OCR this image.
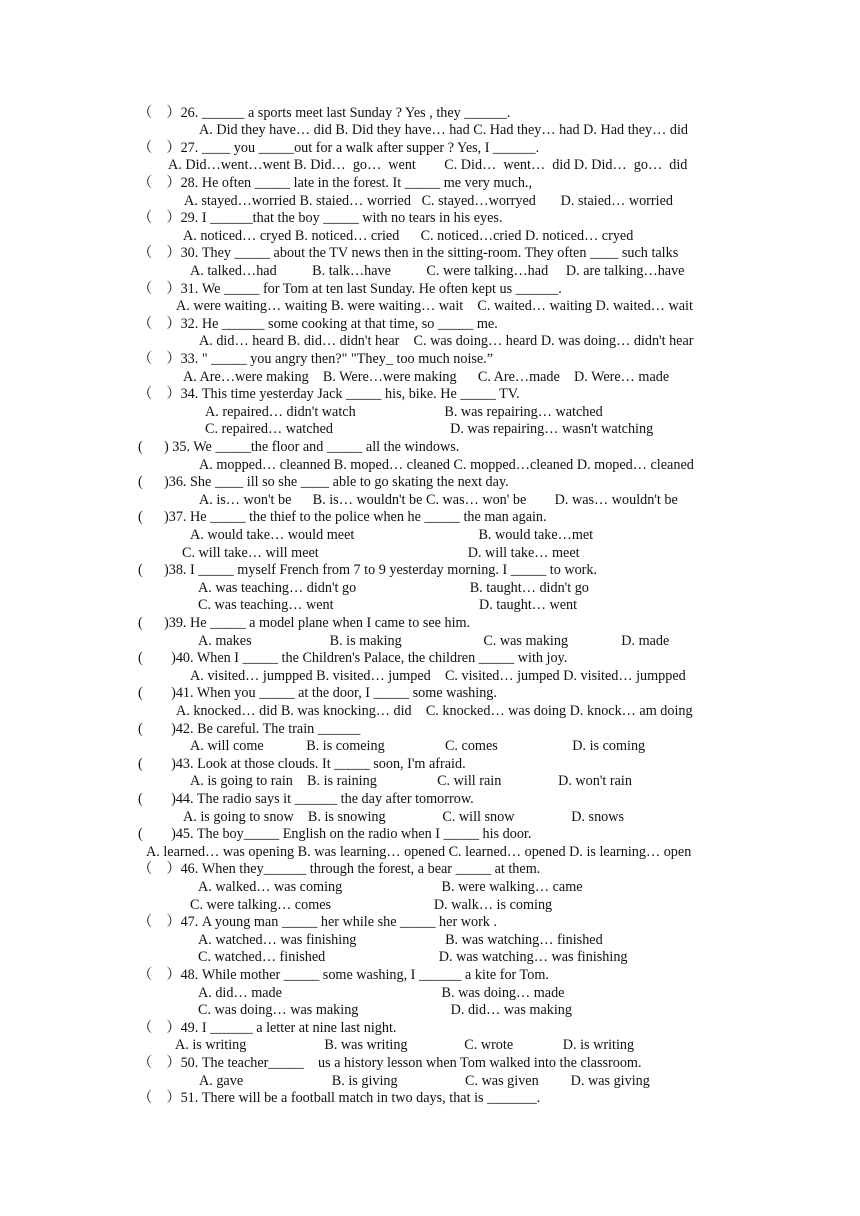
（    ）26. ______ a sports meet last Sunday ? Yes , they ______.
A. Did they have… did B. Did they have… had C. Had they… had D. Had they… did
（    ）27. ____ you _____out for a walk after supper ? Yes, I ______.
A. Did…went…went B. Did…  go…  went        C. Did…  went…  did D. Did…  go…  did
（    ）28. He often _____ late in the forest. It _____ me very much.,
A. stayed…worried B. staied… worried   C. stayed…worryed       D. staied… worried
（    ）29. I ______that the boy _____ with no tears in his eyes.
A. noticed… cryed B. noticed… cried      C. noticed…cried D. noticed… cryed
（    ）30. They _____ about the TV news then in the sitting-room. They often ____ such talks
A. talked…had          B. talk…have          C. were talking…had     D. are talking…have
（    ）31. We _____ for Tom at ten last Sunday. He often kept us ______.
A. were waiting… waiting B. were waiting… wait    C. waited… waiting D. waited… wait
（    ）32. He ______ some cooking at that time, so _____ me.
A. did… heard B. did… didn't hear    C. was doing… heard D. was doing… didn't hear
（    ）33. " _____ you angry then?" "They_ too much noise.”
A. Are…were making    B. Were…were making      C. Are…made    D. Were… made
（    ）34. This time yesterday Jack _____ his, bike. He _____ TV.
A. repaired… didn't watch                         B. was repairing… watched
C. repaired… watched                                 D. was repairing… wasn't watching
(      ) 35. We _____the floor and _____ all the windows.
A. mopped… cleanned B. moped… cleaned C. mopped…cleaned D. moped… cleaned
(      )36. She ____ ill so she ____ able to go skating the next day.
A. is… won't be      B. is… wouldn't be C. was… won' be        D. was… wouldn't be
(      )37. He _____ the thief to the police when he _____ the man again.
A. would take… would meet                                   B. would take…met
C. will take… will meet                                          D. will take… meet
(      )38. I _____ myself French from 7 to 9 yesterday morning. I _____ to work.
A. was teaching… didn't go                                B. taught… didn't go
C. was teaching… went                                         D. taught… went
(      )39. He _____ a model plane when I came to see him.
A. makes                      B. is making                       C. was making               D. made
(        )40. When I _____ the Children's Palace, the children _____ with joy.
A. visited… jumpped B. visited… jumped    C. visited… jumped D. visited… jumpped
(        )41. When you _____ at the door, I _____ some washing.
A. knocked… did B. was knocking… did    C. knocked… was doing D. knock… am doing
(        )42. Be careful. The train ______
A. will come            B. is comeing                 C. comes                     D. is coming
(        )43. Look at those clouds. It _____ soon, I'm afraid.
A. is going to rain    B. is raining                 C. will rain                D. won't rain
(        )44. The radio says it ______ the day after tomorrow.
A. is going to snow    B. is snowing                C. will snow                D. snows
(        )45. The boy_____ English on the radio when I _____ his door.
A. learned… was opening B. was learning… opened C. learned… opened D. is learning… open
（    ）46. When they______ through the forest, a bear _____ at them.
A. walked… was coming                            B. were walking… came
C. were talking… comes                             D. walk… is coming
（    ）47. A young man _____ her while she _____ her work .
A. watched… was finishing                         B. was watching… finished
C. watched… finished                                D. was watching… was finishing
（    ）48. While mother _____ some washing, I ______ a kite for Tom.
A. did… made                                             B. was doing… made
C. was doing… was making                          D. did… was making
（    ）49. I ______ a letter at nine last night.
A. is writing                      B. was writing                C. wrote              D. is writing
（    ）50. The teacher_____    us a history lesson when Tom walked into the classroom.
A. gave                         B. is giving                   C. was given         D. was giving
（    ）51. There will be a football match in two days, that is _______.
